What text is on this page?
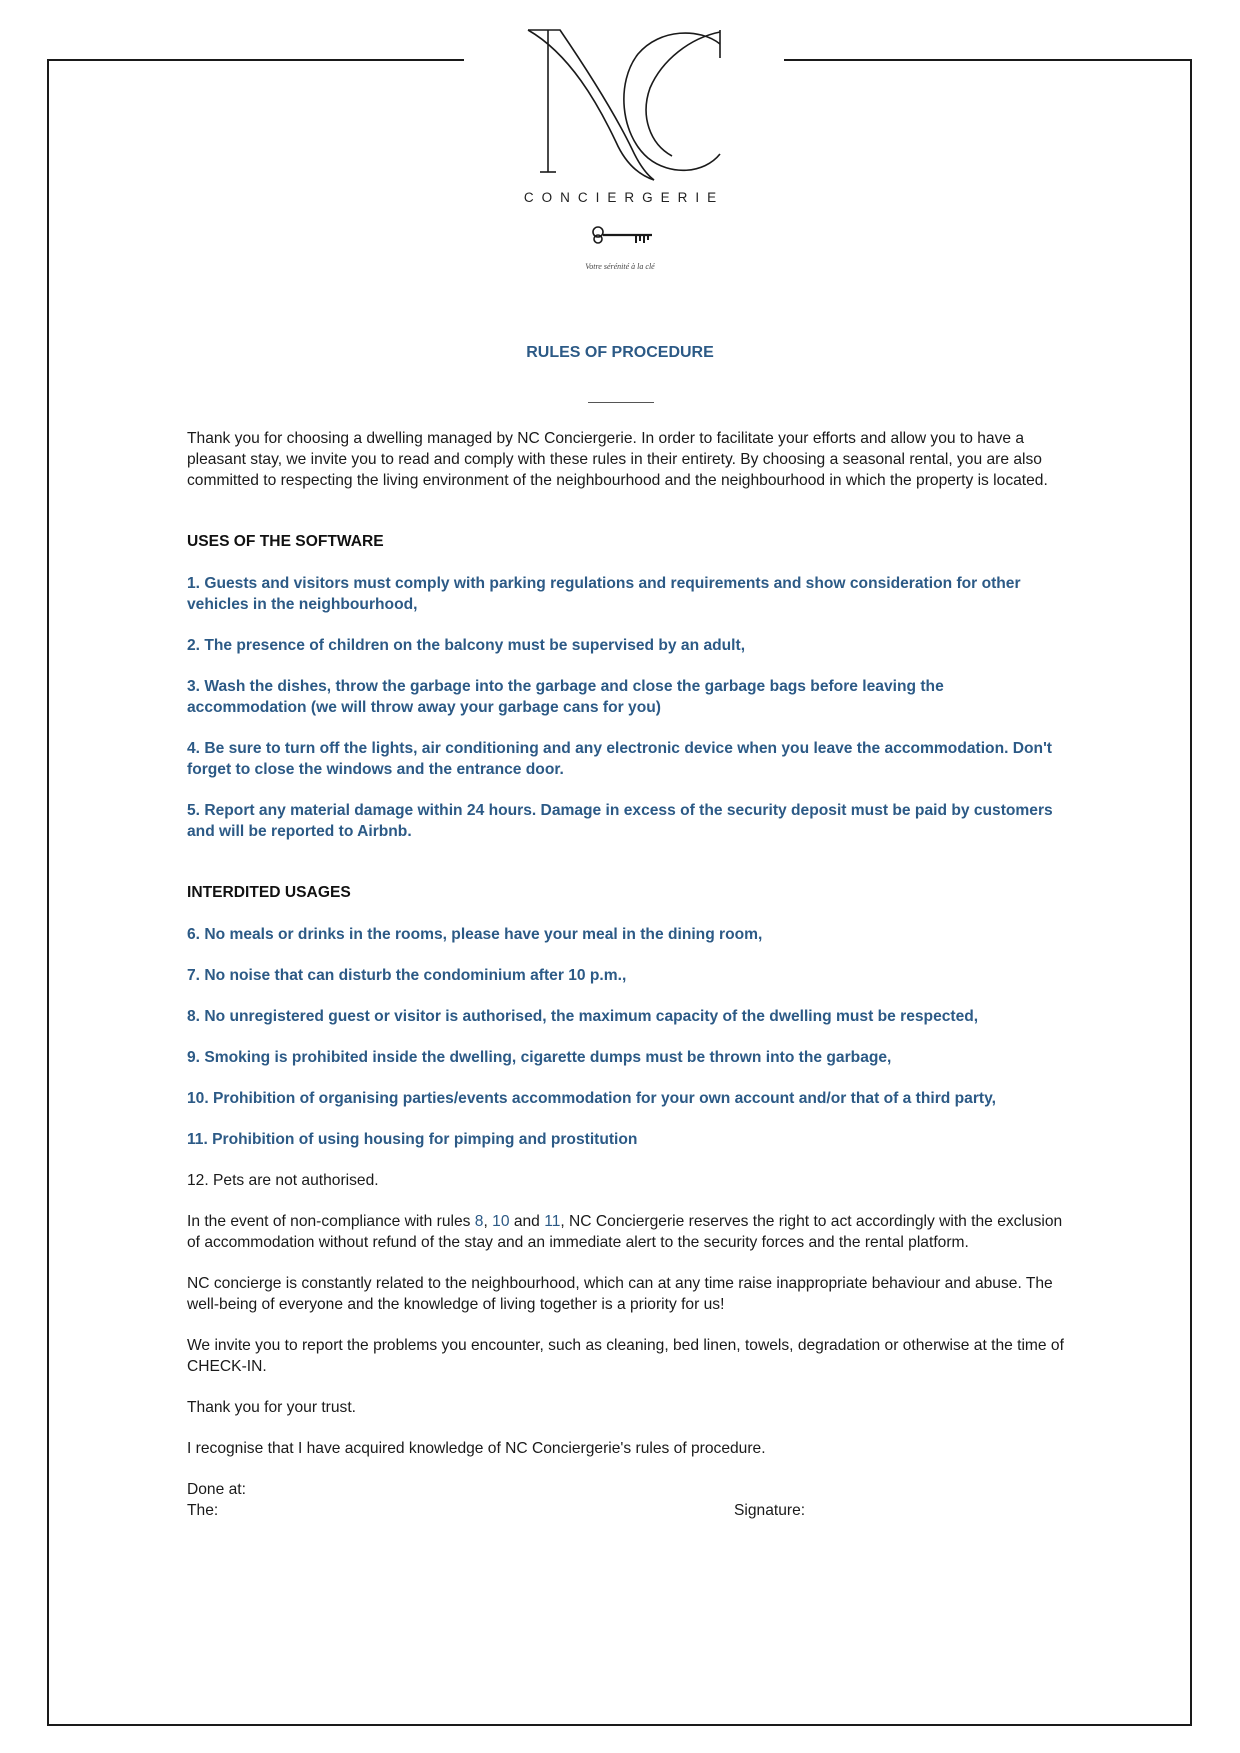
CONCIERGERIE
Votre sérénité à la clé
RULES OF PROCEDURE

Thank you for choosing a dwelling managed by NC Conciergerie. In order to facilitate your efforts and allow you to have a pleasant stay, we invite you to read and comply with these rules in their entirety. By choosing a seasonal rental, you are also committed to respecting the living environment of the neighbourhood and the neighbourhood in which the property is located.

USES OF THE SOFTWARE

1. Guests and visitors must comply with parking regulations and requirements and show consideration for other vehicles in the neighbourhood,

2. The presence of children on the balcony must be supervised by an adult,

3. Wash the dishes, throw the garbage into the garbage and close the garbage bags before leaving the accommodation (we will throw away your garbage cans for you)

4. Be sure to turn off the lights, air conditioning and any electronic device when you leave the accommodation. Don't forget to close the windows and the entrance door.

5. Report any material damage within 24 hours. Damage in excess of the security deposit must be paid by customers and will be reported to Airbnb.

INTERDITED USAGES

6. No meals or drinks in the rooms, please have your meal in the dining room,

7. No noise that can disturb the condominium after 10 p.m.,

8. No unregistered guest or visitor is authorised, the maximum capacity of the dwelling must be respected,

9. Smoking is prohibited inside the dwelling, cigarette dumps must be thrown into the garbage,

10. Prohibition of organising parties/events accommodation for your own account and/or that of a third party,

11. Prohibition of using housing for pimping and prostitution

12. Pets are not authorised.

In the event of non-compliance with rules 8, 10 and 11, NC Conciergerie reserves the right to act accordingly with the exclusion of accommodation without refund of the stay and an immediate alert to the security forces and the rental platform.

NC concierge is constantly related to the neighbourhood, which can at any time raise inappropriate behaviour and abuse. The well-being of everyone and the knowledge of living together is a priority for us!

We invite you to report the problems you encounter, such as cleaning, bed linen, towels, degradation or otherwise at the time of CHECK-IN.

Thank you for your trust.

I recognise that I have acquired knowledge of NC Conciergerie's rules of procedure.

Done at:

The:	Signature:
